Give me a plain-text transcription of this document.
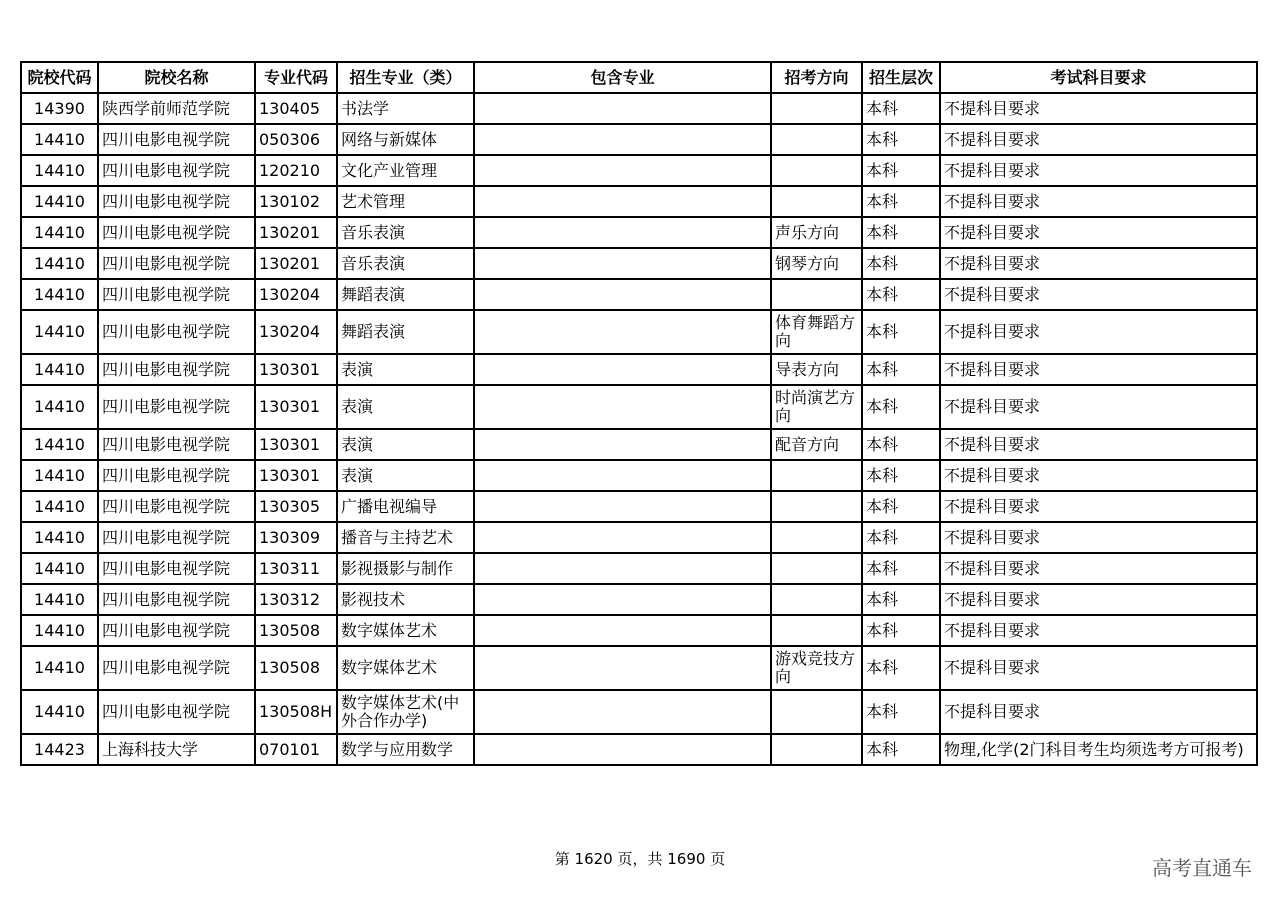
院校代码	院校名称	专业代码	招生专业（类）	包含专业	招考方向	招生层次	考试科目要求
14390	陕西学前师范学院	130405	书法学			本科	不提科目要求
14410	四川电影电视学院	050306	网络与新媒体			本科	不提科目要求
14410	四川电影电视学院	120210	文化产业管理			本科	不提科目要求
14410	四川电影电视学院	130102	艺术管理			本科	不提科目要求
14410	四川电影电视学院	130201	音乐表演		声乐方向	本科	不提科目要求
14410	四川电影电视学院	130201	音乐表演		钢琴方向	本科	不提科目要求
14410	四川电影电视学院	130204	舞蹈表演			本科	不提科目要求
14410	四川电影电视学院	130204	舞蹈表演		体育舞蹈方向	本科	不提科目要求
14410	四川电影电视学院	130301	表演		导表方向	本科	不提科目要求
14410	四川电影电视学院	130301	表演		时尚演艺方向	本科	不提科目要求
14410	四川电影电视学院	130301	表演		配音方向	本科	不提科目要求
14410	四川电影电视学院	130301	表演			本科	不提科目要求
14410	四川电影电视学院	130305	广播电视编导			本科	不提科目要求
14410	四川电影电视学院	130309	播音与主持艺术			本科	不提科目要求
14410	四川电影电视学院	130311	影视摄影与制作			本科	不提科目要求
14410	四川电影电视学院	130312	影视技术			本科	不提科目要求
14410	四川电影电视学院	130508	数字媒体艺术			本科	不提科目要求
14410	四川电影电视学院	130508	数字媒体艺术		游戏竞技方向	本科	不提科目要求
14410	四川电影电视学院	130508H	数字媒体艺术(中外合作办学)			本科	不提科目要求
14423	上海科技大学	070101	数学与应用数学			本科	物理,化学(2门科目考生均须选考方可报考)
第 1620 页，共 1690 页	高考直通车
